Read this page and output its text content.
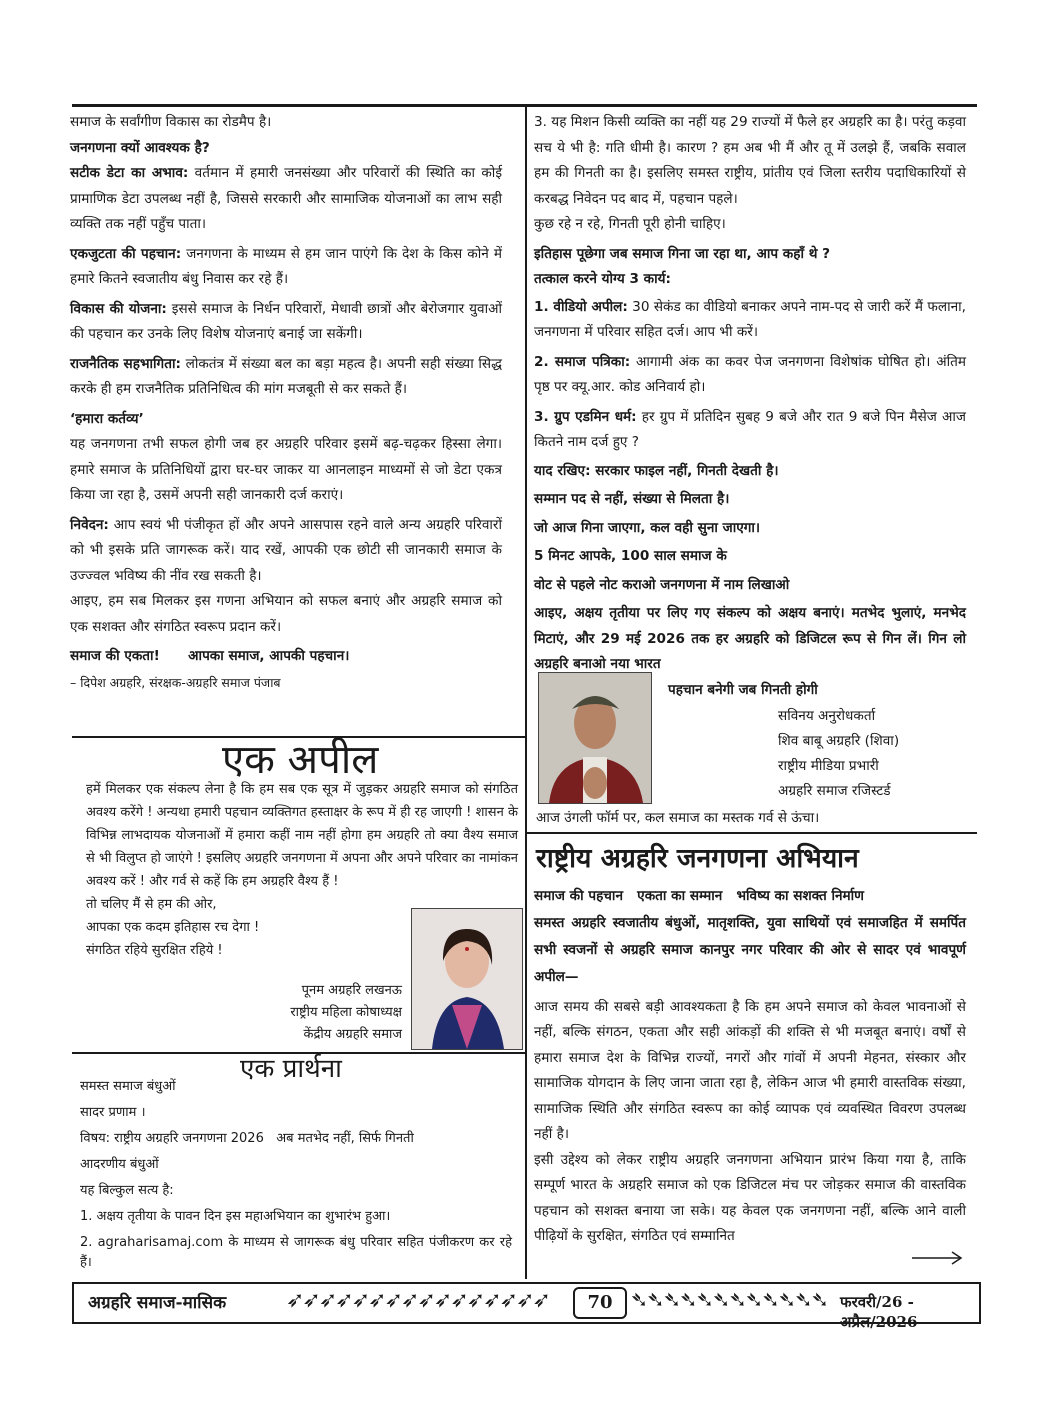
समाज के सर्वांगीण विकास का रोडमैप है।

जनगणना क्यों आवश्यक है?

सटीक डेटा का अभाव: वर्तमान में हमारी जनसंख्या और परिवारों की स्थिति का कोई प्रामाणिक डेटा उपलब्ध नहीं है, जिससे सरकारी और सामाजिक योजनाओं का लाभ सही व्यक्ति तक नहीं पहुँच पाता।

एकजुटता की पहचान: जनगणना के माध्यम से हम जान पाएंगे कि देश के किस कोने में हमारे कितने स्वजातीय बंधु निवास कर रहे हैं।

विकास की योजना: इससे समाज के निर्धन परिवारों, मेधावी छात्रों और बेरोजगार युवाओं की पहचान कर उनके लिए विशेष योजनाएं बनाई जा सकेंगी।

राजनैतिक सहभागिता: लोकतंत्र में संख्या बल का बड़ा महत्व है। अपनी सही संख्या सिद्ध करके ही हम राजनैतिक प्रतिनिधित्व की मांग मजबूती से कर सकते हैं।

‘हमारा कर्तव्य’

यह जनगणना तभी सफल होगी जब हर अग्रहरि परिवार इसमें बढ़-चढ़कर हिस्सा लेगा। हमारे समाज के प्रतिनिधियों द्वारा घर-घर जाकर या आनलाइन माध्यमों से जो डेटा एकत्र किया जा रहा है, उसमें अपनी सही जानकारी दर्ज कराएं।

निवेदन: आप स्वयं भी पंजीकृत हों और अपने आसपास रहने वाले अन्य अग्रहरि परिवारों को भी इसके प्रति जागरूक करें। याद रखें, आपकी एक छोटी सी जानकारी समाज के उज्ज्वल भविष्य की नींव रख सकती है।

आइए, हम सब मिलकर इस गणना अभियान को सफल बनाएं और अग्रहरि समाज को एक सशक्त और संगठित स्वरूप प्रदान करें।

समाज की एकता!      आपका समाज, आपकी पहचान।

– दिपेश अग्रहरि, संरक्षक-अग्रहरि समाज पंजाब

एक अपील

हमें मिलकर एक संकल्प लेना है कि हम सब एक सूत्र में जुड़कर अग्रहरि समाज को संगठित अवश्य करेंगे ! अन्यथा हमारी पहचान व्यक्तिगत हस्ताक्षर के रूप में ही रह जाएगी ! शासन के विभिन्न लाभदायक योजनाओं में हमारा कहीं नाम नहीं होगा हम अग्रहरि तो क्या वैश्य समाज से भी विलुप्त हो जाएंगे ! इसलिए अग्रहरि जनगणना में अपना और अपने परिवार का नामांकन अवश्य करें ! और गर्व से कहें कि हम अग्रहरि वैश्य हैं !

तो चलिए मैं से हम की ओर,

आपका एक कदम इतिहास रच देगा !

संगठित रहिये सुरक्षित रहिये !

पूनम अग्रहरि लखनऊ
राष्ट्रीय महिला कोषाध्यक्ष
केंद्रीय अग्रहरि समाज
एक प्रार्थना

समस्त समाज बंधुओं

सादर प्रणाम ।

विषय: राष्ट्रीय अग्रहरि जनगणना 2026   अब मतभेद नहीं, सिर्फ गिनती

आदरणीय बंधुओं

यह बिल्कुल सत्य है:

1. अक्षय तृतीया के पावन दिन इस महाअभियान का शुभारंभ हुआ।

2. agraharisamaj.com के माध्यम से जागरूक बंधु परिवार सहित पंजीकरण कर रहे हैं।

3. यह मिशन किसी व्यक्ति का नहीं यह 29 राज्यों में फैले हर अग्रहरि का है। परंतु कड़वा सच ये भी है: गति धीमी है। कारण ? हम अब भी मैं और तू में उलझे हैं, जबकि सवाल हम की गिनती का है। इसलिए समस्त राष्ट्रीय, प्रांतीय एवं जिला स्तरीय पदाधिकारियों से करबद्ध निवेदन पद बाद में, पहचान पहले।

कुछ रहे न रहे, गिनती पूरी होनी चाहिए।

इतिहास पूछेगा जब समाज गिना जा रहा था, आप कहाँ थे ?

तत्काल करने योग्य 3 कार्य:

1. वीडियो अपील: 30 सेकंड का वीडियो बनाकर अपने नाम-पद से जारी करें मैं फलाना, जनगणना में परिवार सहित दर्ज। आप भी करें।

2. समाज पत्रिका: आगामी अंक का कवर पेज जनगणना विशेषांक घोषित हो। अंतिम पृष्ठ पर क्यू.आर. कोड अनिवार्य हो।

3. ग्रुप एडमिन धर्म: हर ग्रुप में प्रतिदिन सुबह 9 बजे और रात 9 बजे पिन मैसेज आज कितने नाम दर्ज हुए ?

याद रखिए: सरकार फाइल नहीं, गिनती देखती है।

सम्मान पद से नहीं, संख्या से मिलता है।

जो आज गिना जाएगा, कल वही सुना जाएगा।

5 मिनट आपके, 100 साल समाज के

वोट से पहले नोट कराओ जनगणना में नाम लिखाओ

आइए, अक्षय तृतीया पर लिए गए संकल्प को अक्षय बनाएं। मतभेद भुलाएं, मनभेद मिटाएं, और 29 मई 2026 तक हर अग्रहरि को डिजिटल रूप से गिन लें। गिन लो अग्रहरि बनाओ नया भारत

पहचान बनेगी जब गिनती होगी
सविनय अनुरोधकर्ता
शिव बाबू अग्रहरि (शिवा)
राष्ट्रीय मीडिया प्रभारी
अग्रहरि समाज रजिस्टर्ड
आज उंगली फॉर्म पर, कल समाज का मस्तक गर्व से ऊंचा।
राष्ट्रीय अग्रहरि जनगणना अभियान

समाज की पहचान   एकता का सम्मान   भविष्य का सशक्त निर्माण

समस्त अग्रहरि स्वजातीय बंधुओं, मातृशक्ति, युवा साथियों एवं समाजहित में समर्पित सभी स्वजनों से अग्रहरि समाज कानपुर नगर परिवार की ओर से सादर एवं भावपूर्ण अपील—

आज समय की सबसे बड़ी आवश्यकता है कि हम अपने समाज को केवल भावनाओं से नहीं, बल्कि संगठन, एकता और सही आंकड़ों की शक्ति से भी मजबूत बनाएं। वर्षों से हमारा समाज देश के विभिन्न राज्यों, नगरों और गांवों में अपनी मेहनत, संस्कार और सामाजिक योगदान के लिए जाना जाता रहा है, लेकिन आज भी हमारी वास्तविक संख्या, सामाजिक स्थिति और संगठित स्वरूप का कोई व्यापक एवं व्यवस्थित विवरण उपलब्ध नहीं है।

इसी उद्देश्य को लेकर राष्ट्रीय अग्रहरि जनगणना अभियान प्रारंभ किया गया है, ताकि सम्पूर्ण भारत के अग्रहरि समाज को एक डिजिटल मंच पर जोड़कर समाज की वास्तविक पहचान को सशक्त बनाया जा सके। यह केवल एक जनगणना नहीं, बल्कि आने वाली पीढ़ियों के सुरक्षित, संगठित एवं सम्मानित

अग्रहरि समाज-मासिक	➶➶➶➶➶➶➶➶➶➶➶➶➶➶➶➶	70 ➴➴➴➴➴➴➴➴➴➴➴➴ फरवरी/26 - अप्रैल/2026
